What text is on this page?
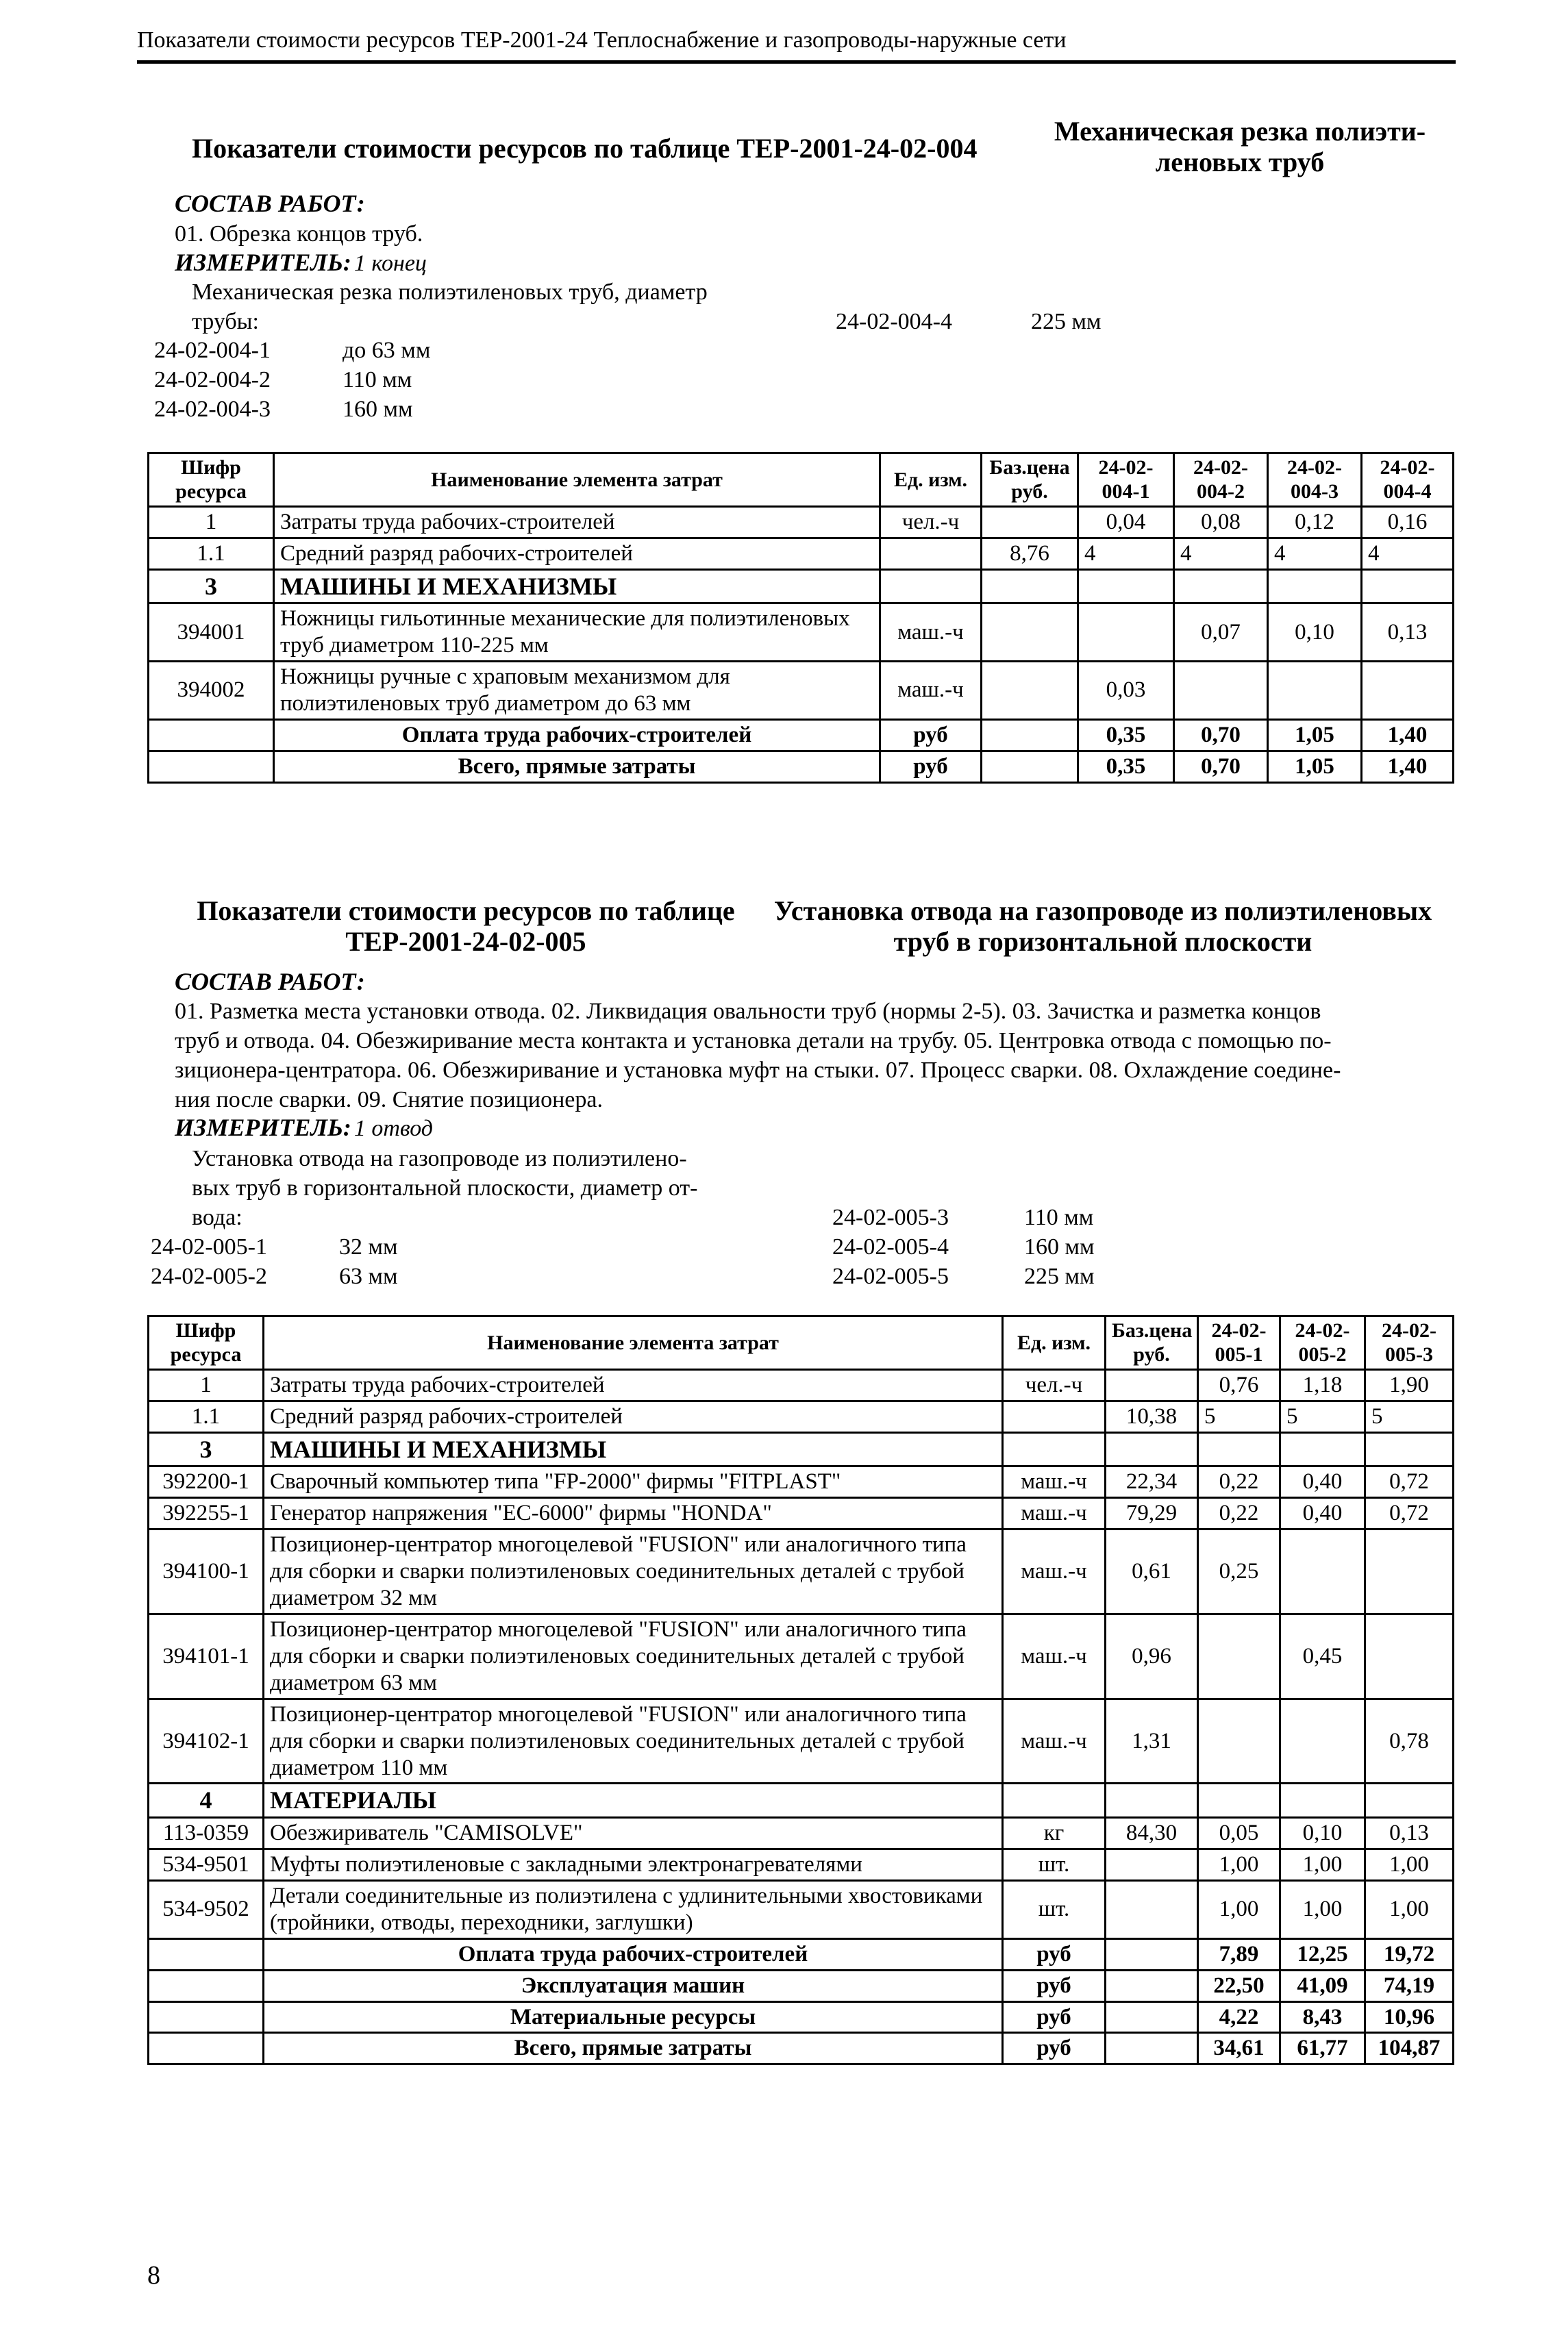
Показатели стоимости ресурсов ТЕР-2001-24 Теплоснабжение и газопроводы-наружные сети
Показатели стоимости ресурсов по таблице ТЕР-2001-24-02-004
Механическая резка полиэти-
леновых труб
СОСТАВ РАБОТ:
01. Обрезка концов труб.
ИЗМЕРИТЕЛЬ: 1 конец
Механическая резка полиэтиленовых труб, диаметр
трубы:
24-02-004-1	до 63 мм
24-02-004-2	110 мм
24-02-004-3	160 мм
24-02-004-4	225 мм
Шифр ресурса	Наименование элемента затрат	Ед. изм.	Баз.цена руб.	24-02-004-1	24-02-004-2	24-02-004-3	24-02-004-4
1	Затраты труда рабочих-строителей	чел.-ч		0,04	0,08	0,12	0,16
1.1	Средний разряд рабочих-строителей		8,76	4	4	4	4
3	МАШИНЫ И МЕХАНИЗМЫ						
394001	Ножницы гильотинные механические для полиэтиленовых труб диаметром 110-225 мм	маш.-ч			0,07	0,10	0,13
394002	Ножницы ручные с храповым механизмом для полиэтиленовых труб диаметром до 63 мм	маш.-ч		0,03			
	Оплата труда рабочих-строителей	руб		0,35	0,70	1,05	1,40
	Всего, прямые затраты	руб		0,35	0,70	1,05	1,40
Показатели стоимости ресурсов по таблице
ТЕР-2001-24-02-005
Установка отвода на газопроводе из полиэтиленовых
труб в горизонтальной плоскости
СОСТАВ РАБОТ:
01. Разметка места установки отвода. 02. Ликвидация овальности труб (нормы 2-5). 03. Зачистка и разметка концов
труб и отвода. 04. Обезжиривание места контакта и установка детали на трубу. 05. Центровка отвода с помощью по-
зиционера-центратора. 06. Обезжиривание и установка муфт на стыки. 07. Процесс сварки. 08. Охлаждение соедине-
ния после сварки. 09. Снятие позиционера.
ИЗМЕРИТЕЛЬ: 1 отвод
Установка отвода на газопроводе из полиэтилено-
вых труб в горизонтальной плоскости, диаметр от-
вода:
24-02-005-1	32 мм
24-02-005-2	63 мм
24-02-005-3	110 мм
24-02-005-4	160 мм
24-02-005-5	225 мм
Шифр ресурса	Наименование элемента затрат	Ед. изм.	Баз.цена руб.	24-02-005-1	24-02-005-2	24-02-005-3
1	Затраты труда рабочих-строителей	чел.-ч		0,76	1,18	1,90
1.1	Средний разряд рабочих-строителей		10,38	5	5	5
3	МАШИНЫ И МЕХАНИЗМЫ					
392200-1	Сварочный компьютер типа "FP-2000" фирмы "FITPLAST"	маш.-ч	22,34	0,22	0,40	0,72
392255-1	Генератор напряжения "EC-6000" фирмы "HONDA"	маш.-ч	79,29	0,22	0,40	0,72
394100-1	Позиционер-центратор многоцелевой "FUSION" или аналогичного типа для сборки и сварки полиэтиленовых соединительных деталей с трубой диаметром 32 мм	маш.-ч	0,61	0,25		
394101-1	Позиционер-центратор многоцелевой "FUSION" или аналогичного типа для сборки и сварки полиэтиленовых соединительных деталей с трубой диаметром 63 мм	маш.-ч	0,96		0,45	
394102-1	Позиционер-центратор многоцелевой "FUSION" или аналогичного типа для сборки и сварки полиэтиленовых соединительных деталей с трубой диаметром 110 мм	маш.-ч	1,31			0,78
4	МАТЕРИАЛЫ					
113-0359	Обезжириватель "CAMISOLVE"	кг	84,30	0,05	0,10	0,13
534-9501	Муфты полиэтиленовые с закладными электронагревателями	шт.		1,00	1,00	1,00
534-9502	Детали соединительные из полиэтилена с удлинительными хвостовиками (тройники, отводы, переходники, заглушки)	шт.		1,00	1,00	1,00
	Оплата труда рабочих-строителей	руб		7,89	12,25	19,72
	Эксплуатация машин	руб		22,50	41,09	74,19
	Материальные ресурсы	руб		4,22	8,43	10,96
	Всего, прямые затраты	руб		34,61	61,77	104,87
8
